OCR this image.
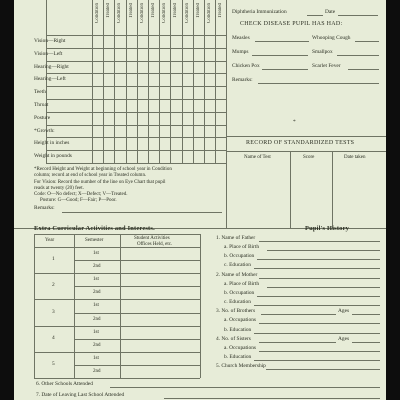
Condition Treated Condition Treated Condition Treated Condition Treated Condition Treated Condition Treated
Vision—Right
Vision—Left
Hearing—Right
Hearing—Left
Teeth
Throat
Posture
*Growth:
Height in inches
Weight in pounds
*Record Height and Weight at beginning of school year in Condition
column; record at end of school year in Treated column.
For Vision: Record the number of the line on Eye Chart that pupil
reads at twenty (20) feet.
Code: O—No defect; X—Defect; V—Treated.
Posture: G—Good; F—Fair; P—Poor.
Remarks:
Diphtheria Immunization	Date
CHECK DISEASE PUPIL HAS HAD:
Measles	Whooping Cough
Mumps	Smallpox
Chicken Pox	Scarlet Fever
Remarks:
*
RECORD OF STANDARDIZED TESTS
Name of Test	Score	Date taken
Extra Curricular Activities and Interests.
Year	Semester	Student Activities
Offices Held, etc.
1
1st
2nd
2
1st
2nd
3
1st
2nd
4
1st
2nd
5
1st
2nd
Pupil's History
1. Name of Father
a. Place of Birth
b. Occupation
c. Education
2. Name of Mother
a. Place of Birth
b. Occupation
c. Education
3. No. of Brothers	Ages
a. Occupations
b. Education
4. No. of Sisters	Ages
a. Occupations
b. Education
5. Church Membership
6. Other Schools Attended
7. Date of Leaving Last School Attended
